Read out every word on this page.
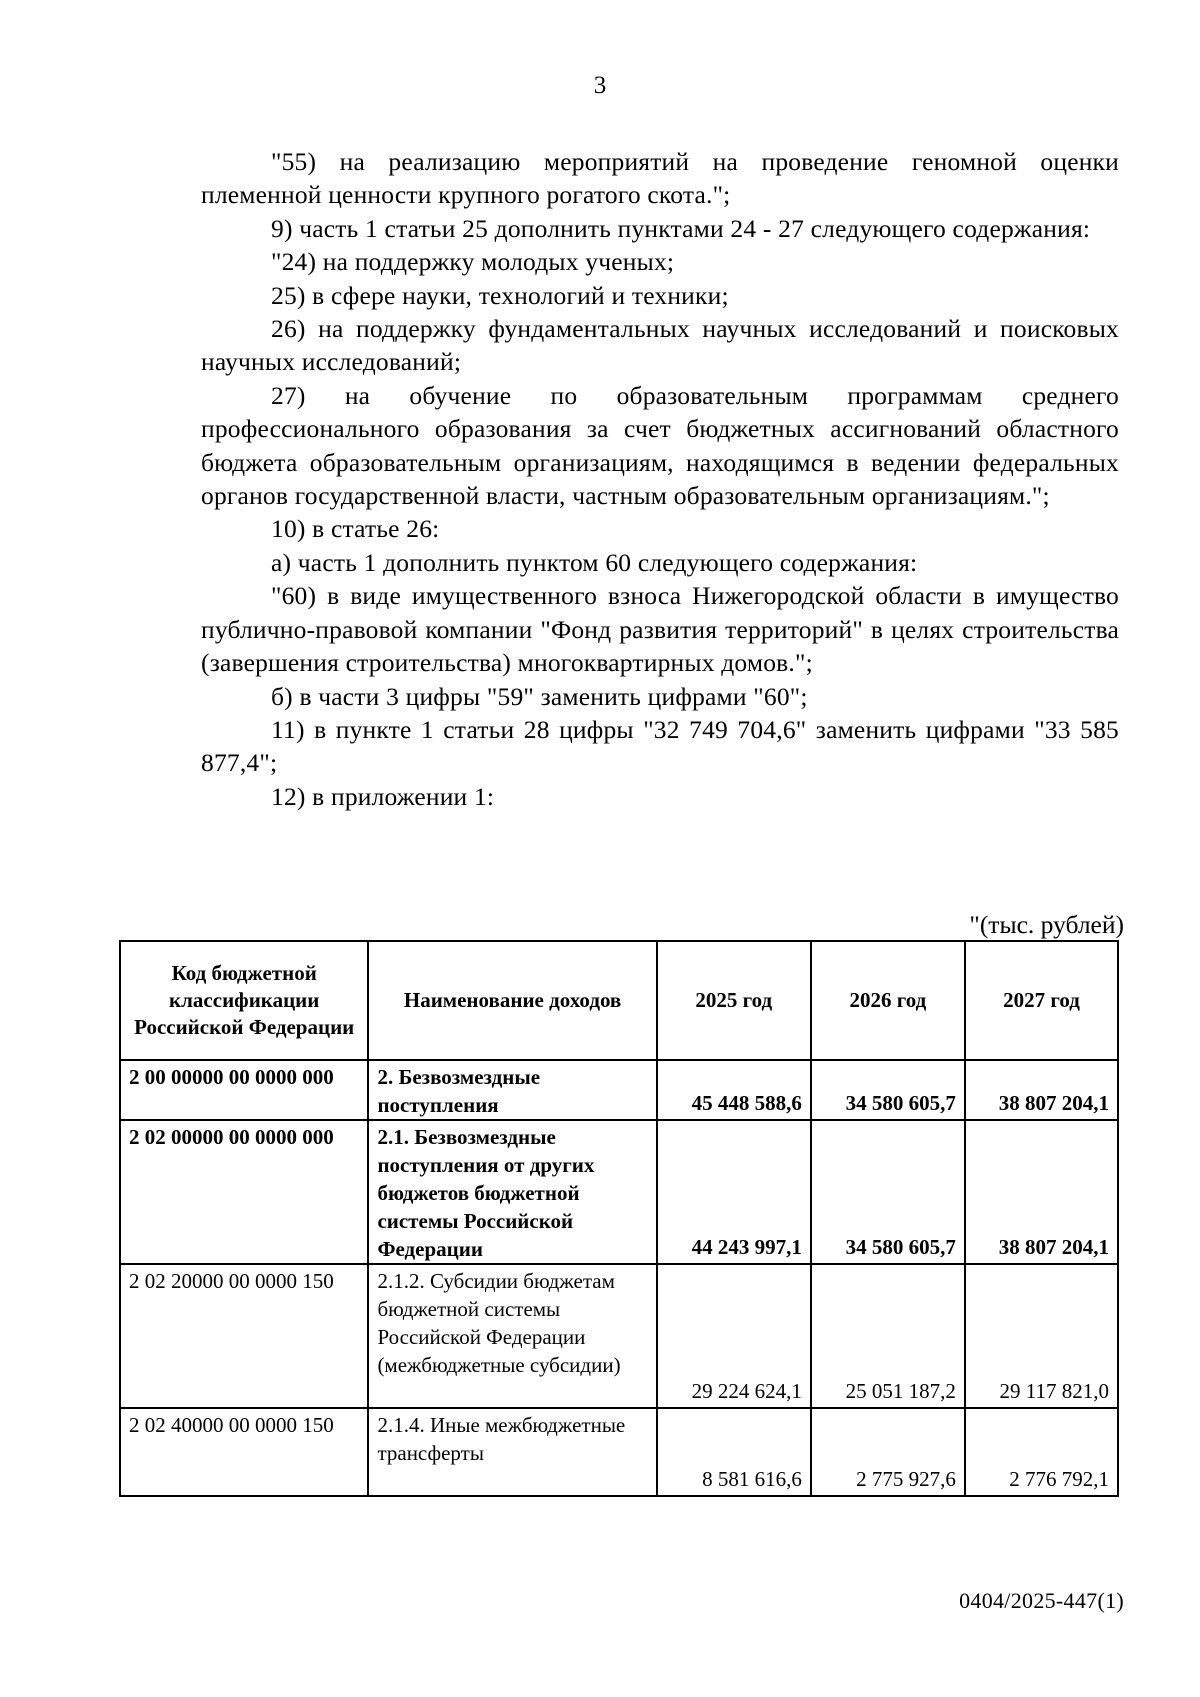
3

"55) на реализацию мероприятий на проведение геномной оценки племенной ценности крупного рогатого скота.";

9) часть 1 статьи 25 дополнить пунктами 24 - 27 следующего содержания:

"24) на поддержку молодых ученых;

25) в сфере науки, технологий и техники;

26) на поддержку фундаментальных научных исследований и поисковых научных исследований;

27) на обучение по образовательным программам среднего профессионального образования за счет бюджетных ассигнований областного бюджета образовательным организациям, находящимся в ведении федеральных органов государственной власти, частным образовательным организациям.";

10) в статье 26:

а) часть 1 дополнить пунктом 60 следующего содержания:

"60) в виде имущественного взноса Нижегородской области в имущество публично-правовой компании "Фонд развития территорий" в целях строительства (завершения строительства) многоквартирных домов.";

б) в части 3 цифры "59" заменить цифрами "60";

11) в пункте 1 статьи 28 цифры "32 749 704,6" заменить цифрами "33 585 877,4";

12) в приложении 1:

"(тыс. рублей)
Код бюджетной классификации Российской Федерации	Наименование доходов	2025 год	2026 год	2027 год
2 00 00000 00 0000 000	2. Безвозмездные поступления	45 448 588,6	34 580 605,7	38 807 204,1
2 02 00000 00 0000 000	2.1. Безвозмездные поступления от других бюджетов бюджетной системы Российской Федерации	44 243 997,1	34 580 605,7	38 807 204,1
2 02 20000 00 0000 150	2.1.2. Субсидии бюджетам бюджетной системы Российской Федерации (межбюджетные субсидии)	29 224 624,1	25 051 187,2	29 117 821,0
2 02 40000 00 0000 150	2.1.4. Иные межбюджетные трансферты	8 581 616,6	2 775 927,6	2 776 792,1
0404/2025-447(1)
